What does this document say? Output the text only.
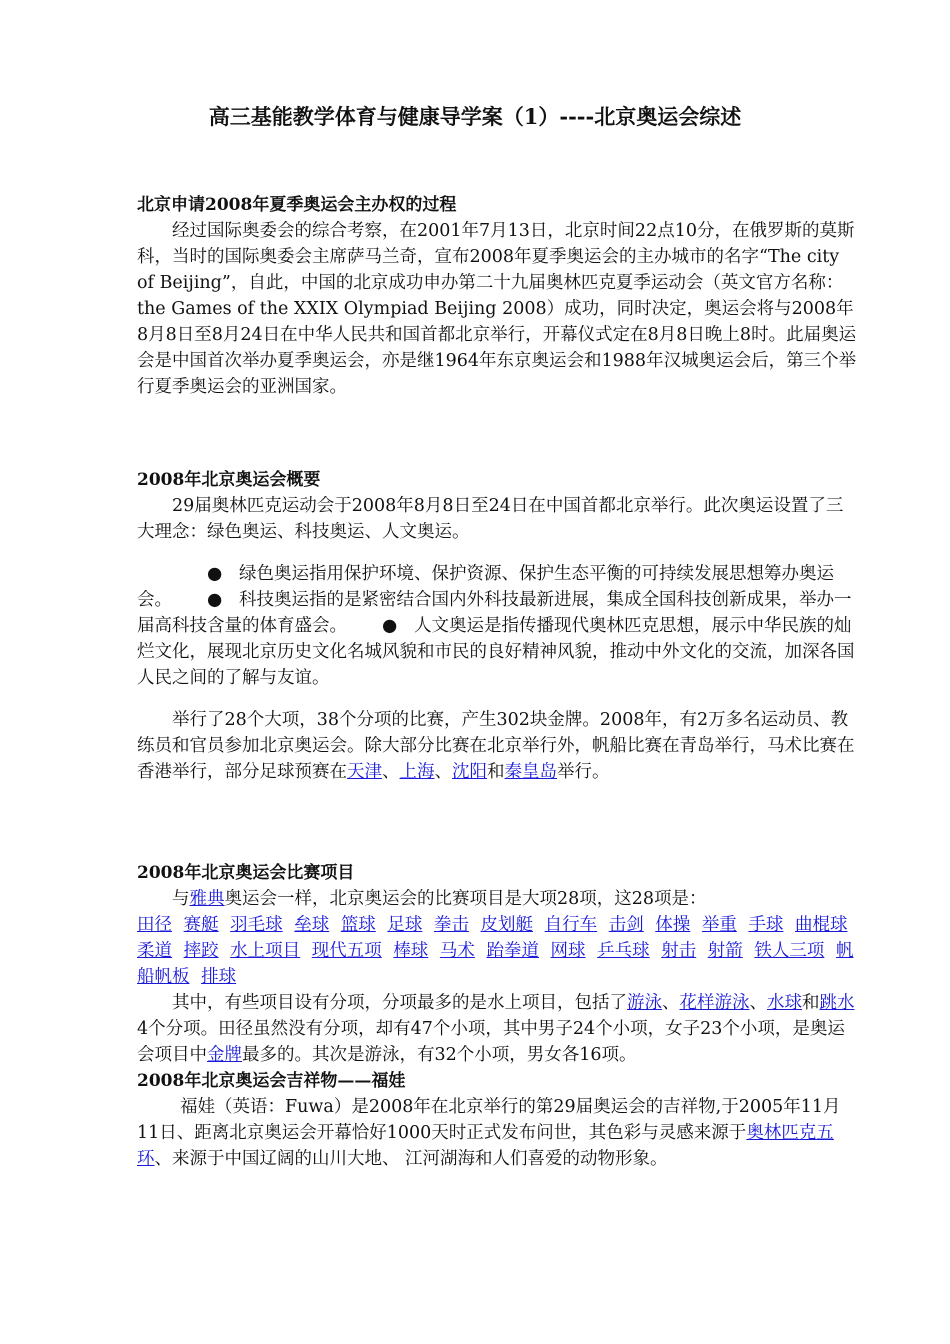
高三基能教学体育与健康导学案（1）----北京奥运会综述
北京申请2008年夏季奥运会主办权的过程

经过国际奥委会的综合考察，在2001年7月13日，北京时间22点10分，在俄罗斯的莫斯科，当时的国际奥委会主席萨马兰奇，宣布2008年夏季奥运会的主办城市的名字“The city of Beijing”，自此，中国的北京成功申办第二十九届奥林匹克夏季运动会（英文官方名称：the Games of the XXIX Olympiad Beijing 2008）成功，同时决定，奥运会将与2008年8月8日至8月24日在中华人民共和国首都北京举行，开幕仪式定在8月8日晚上8时。此届奥运会是中国首次举办夏季奥运会，亦是继1964年东京奥运会和1988年汉城奥运会后，第三个举行夏季奥运会的亚洲国家。

2008年北京奥运会概要

29届奥林匹克运动会于2008年8月8日至24日在中国首都北京举行。此次奥运设置了三大理念：绿色奥运、科技奥运、人文奥运。

● 绿色奥运指用保护环境、保护资源、保护生态平衡的可持续发展思想筹办奥运会。 ● 科技奥运指的是紧密结合国内外科技最新进展，集成全国科技创新成果，举办一届高科技含量的体育盛会。 ● 人文奥运是指传播现代奥林匹克思想，展示中华民族的灿烂文化，展现北京历史文化名城风貌和市民的良好精神风貌，推动中外文化的交流，加深各国人民之间的了解与友谊。

举行了28个大项，38个分项的比赛，产生302块金牌。2008年，有2万多名运动员、教练员和官员参加北京奥运会。除大部分比赛在北京举行外，帆船比赛在青岛举行，马术比赛在香港举行，部分足球预赛在天津、上海、沈阳和秦皇岛举行。

2008年北京奥运会比赛项目

与雅典奥运会一样，北京奥运会的比赛项目是大项28项，这28项是：

田径 赛艇 羽毛球 垒球 篮球 足球 拳击 皮划艇 自行车 击剑 体操 举重 手球 曲棍球 柔道 摔跤 水上项目 现代五项 棒球 马术 跆拳道 网球 乒乓球 射击 射箭 铁人三项 帆船帆板 排球

其中，有些项目设有分项，分项最多的是水上项目，包括了游泳、花样游泳、水球和跳水4个分项。田径虽然没有分项，却有47个小项，其中男子24个小项，女子23个小项，是奥运会项目中金牌最多的。其次是游泳，有32个小项，男女各16项。

2008年北京奥运会吉祥物——福娃

福娃（英语：Fuwa）是2008年在北京举行的第29届奥运会的吉祥物,于2005年11月11日、距离北京奥运会开幕恰好1000天时正式发布问世，其色彩与灵感来源于奥林匹克五环、来源于中国辽阔的山川大地、 江河湖海和人们喜爱的动物形象。
